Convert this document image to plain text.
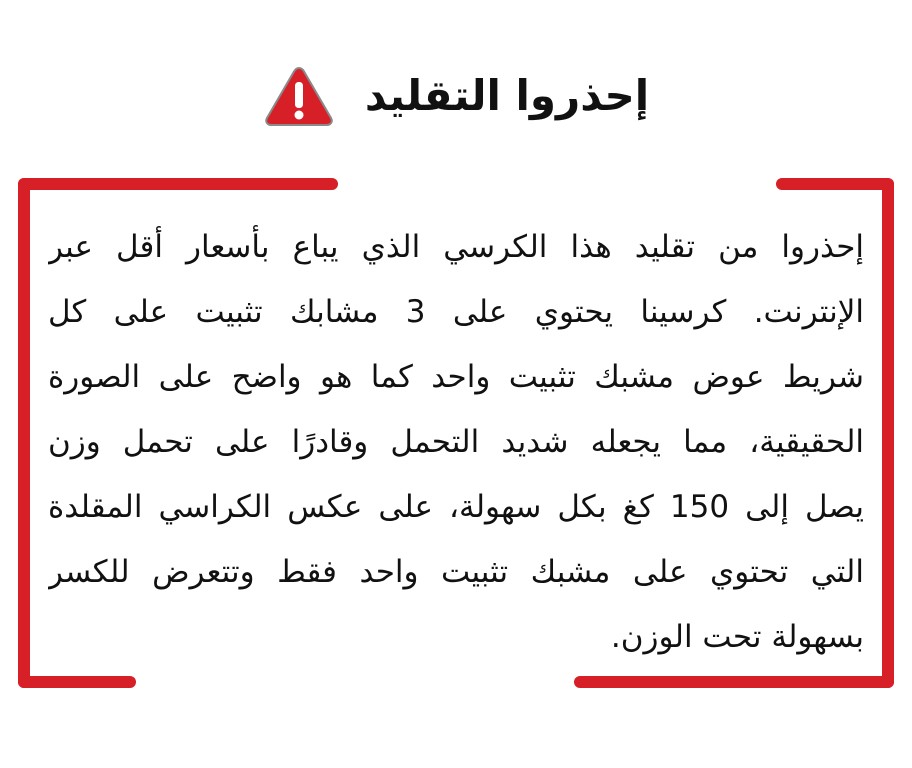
إحذروا التقليد
إحذروا من تقليد هذا الكرسي الذي يباع بأسعار أقل عبر
الإنترنت. كرسينا يحتوي على 3 مشابك تثبيت على كل
شريط عوض مشبك تثبيت واحد كما هو واضح على الصورة
الحقيقية، مما يجعله شديد التحمل وقادرًا على تحمل وزن
يصل إلى 150 كغ بكل سهولة، على عكس الكراسي المقلدة
التي تحتوي على مشبك تثبيت واحد فقط وتتعرض للكسر
بسهولة تحت الوزن.
